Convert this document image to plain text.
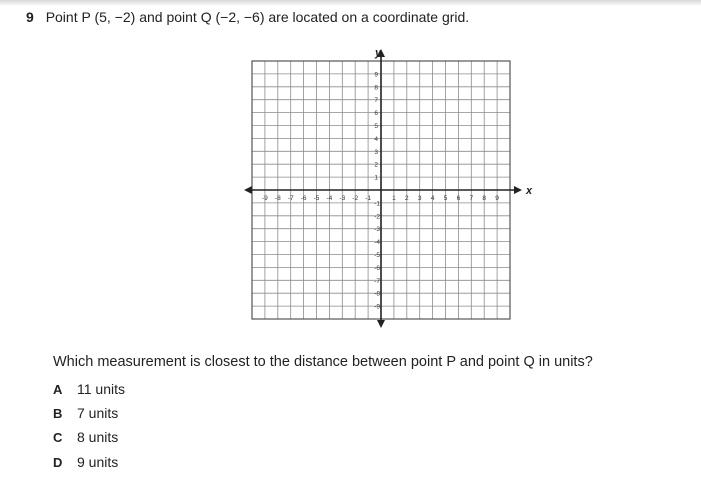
9 Point P (5, −2) and point Q (−2, −6) are located on a coordinate grid.
x
y
-9 -8 -7 -6 -5 -4 -3 -2 -1	1 2 3 4 5 6 7 8 9
9
8
7
6
5
4
3
2
1
-1
-2
-3
-4
-5
-6
-7
-8
-9
Which measurement is closest to the distance between point P and point Q in units?
A 11 units
B 7 units
C 8 units
D 9 units
